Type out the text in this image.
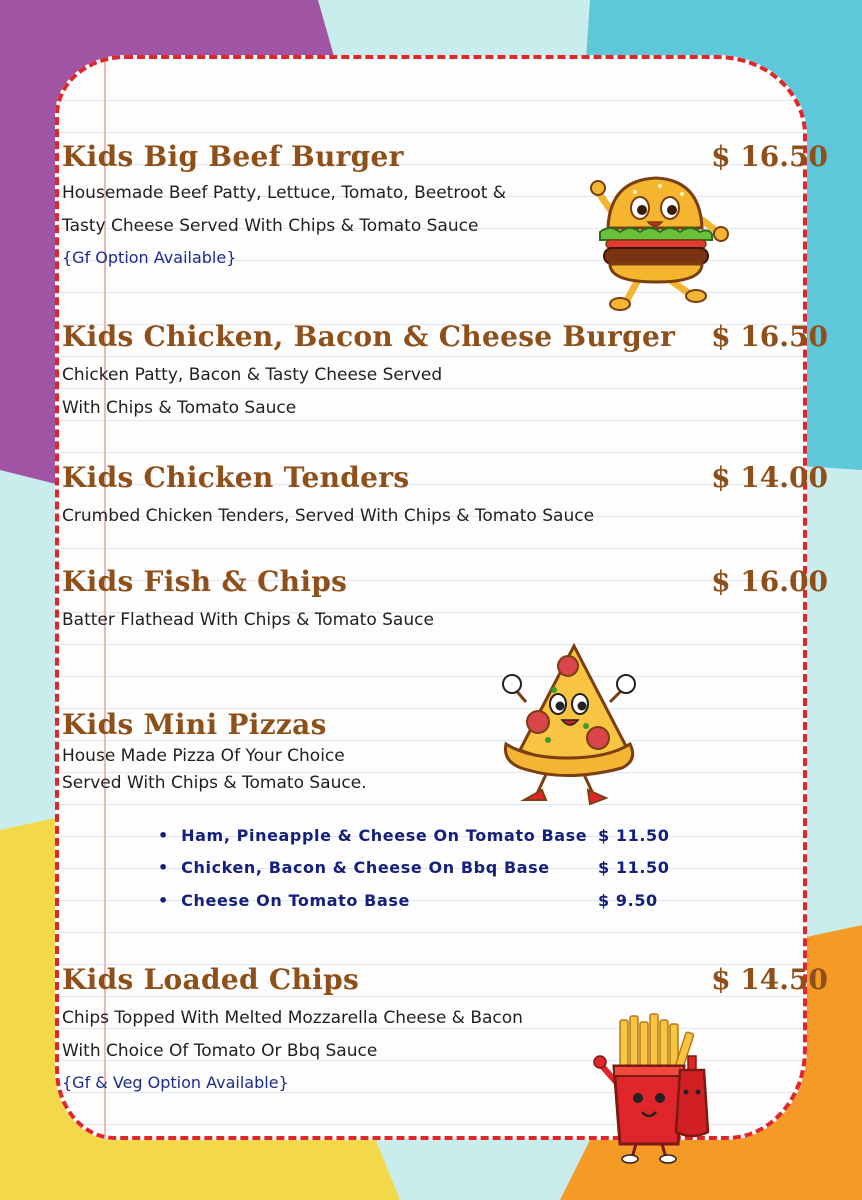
Kids Big Beef Burger	$ 16.50
Housemade Beef Patty, Lettuce, Tomato, Beetroot &
Tasty Cheese Served With Chips & Tomato Sauce
{Gf Option Available}
Kids Chicken, Bacon & Cheese Burger	$ 16.50
Chicken Patty, Bacon & Tasty Cheese Served
With Chips & Tomato Sauce
Kids Chicken Tenders	$ 14.00
Crumbed Chicken Tenders, Served With Chips & Tomato Sauce
Kids Fish & Chips	$ 16.00
Batter Flathead With Chips & Tomato Sauce
Kids Mini Pizzas
House Made Pizza Of Your Choice
Served With Chips & Tomato Sauce.
• Ham, Pineapple & Cheese On Tomato Base $ 11.50
• Chicken, Bacon & Cheese On Bbq Base	$ 11.50
• Cheese On Tomato Base	$ 9.50
Kids Loaded Chips	$ 14.50
Chips Topped With Melted Mozzarella Cheese & Bacon
With Choice Of Tomato Or Bbq Sauce
{Gf & Veg Option Available}
